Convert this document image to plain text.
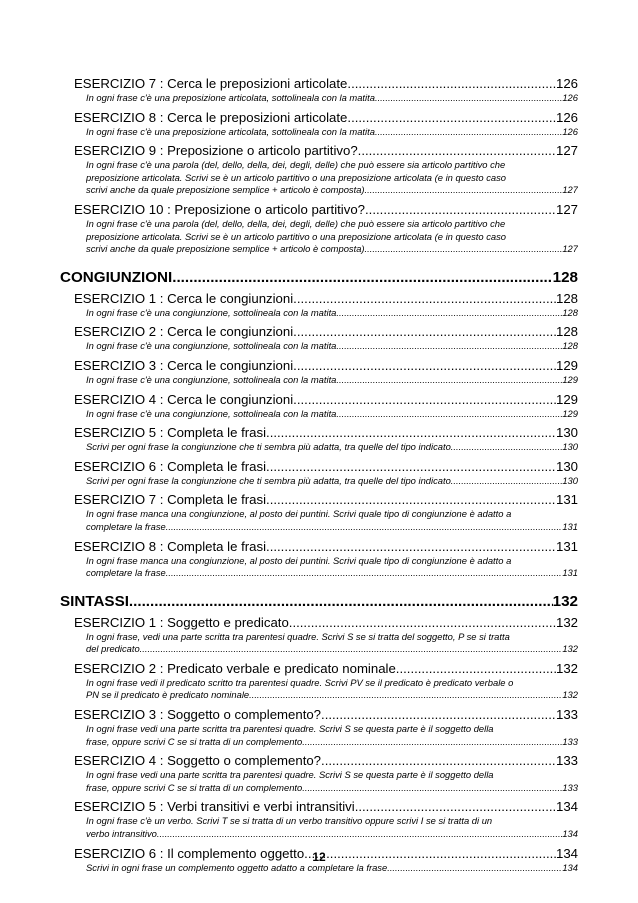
ESERCIZIO 7 : Cerca le preposizioni articolate. .....	126
In ogni frase c'è una preposizione articolata, sottolineala con la matita. .....	126
ESERCIZIO 8 : Cerca le preposizioni articolate. .....	126
In ogni frase c'è una preposizione articolata, sottolineala con la matita. .....	126
ESERCIZIO 9 : Preposizione o articolo partitivo? .....	127
In ogni frase c'è una parola (del, dello, della, dei, degli, delle) che può essere sia articolo partitivo che
preposizione articolata. Scrivi se è un articolo partitivo o una preposizione articolata (e in questo caso
scrivi anche da quale preposizione semplice + articolo è composta). .....	127
ESERCIZIO 10 : Preposizione o articolo partitivo? .....	127
In ogni frase c'è una parola (del, dello, della, dei, degli, delle) che può essere sia articolo partitivo che
preposizione articolata. Scrivi se è un articolo partitivo o una preposizione articolata (e in questo caso
scrivi anche da quale preposizione semplice + articolo è composta). .....	127
CONGIUNZIONI .....	128
ESERCIZIO 1 : Cerca le congiunzioni. .....	128
In ogni frase c'è una congiunzione, sottolineala con la matita. .....	128
ESERCIZIO 2 : Cerca le congiunzioni. .....	128
In ogni frase c'è una congiunzione, sottolineala con la matita. .....	128
ESERCIZIO 3 : Cerca le congiunzioni. .....	129
In ogni frase c'è una congiunzione, sottolineala con la matita. .....	129
ESERCIZIO 4 : Cerca le congiunzioni. .....	129
In ogni frase c'è una congiunzione, sottolineala con la matita. .....	129
ESERCIZIO 5 : Completa le frasi. .....	130
Scrivi per ogni frase la congiunzione che ti sembra più adatta, tra quelle del tipo indicato. .....	130
ESERCIZIO 6 : Completa le frasi. .....	130
Scrivi per ogni frase la congiunzione che ti sembra più adatta, tra quelle del tipo indicato. .....	130
ESERCIZIO 7 : Completa le frasi. .....	131
In ogni frase manca una congiunzione, al posto dei puntini. Scrivi quale tipo di congiunzione è adatto a
completare la frase. .....	131
ESERCIZIO 8 : Completa le frasi. .....	131
In ogni frase manca una congiunzione, al posto dei puntini. Scrivi quale tipo di congiunzione è adatto a
completare la frase. .....	131
SINTASSI .....	132
ESERCIZIO 1 : Soggetto e predicato. .....	132
In ogni frase, vedi una parte scritta tra parentesi quadre. Scrivi S se si tratta del soggetto, P se si tratta
del predicato. .....	132
ESERCIZIO 2 : Predicato verbale e predicato nominale. .....	132
In ogni frase vedi il predicato scritto tra parentesi quadre. Scrivi PV se il predicato è predicato verbale o
PN se il predicato è predicato nominale. .....	132
ESERCIZIO 3 : Soggetto o complemento? .....	133
In ogni frase vedi una parte scritta tra parentesi quadre. Scrivi S se questa parte è il soggetto della
frase, oppure scrivi C se si tratta di un complemento. .....	133
ESERCIZIO 4 : Soggetto o complemento? .....	133
In ogni frase vedi una parte scritta tra parentesi quadre. Scrivi S se questa parte è il soggetto della
frase, oppure scrivi C se si tratta di un complemento. .....	133
ESERCIZIO 5 : Verbi transitivi e verbi intransitivi. .....	134
In ogni frase c'è un verbo. Scrivi T se si tratta di un verbo transitivo oppure scrivi I se si tratta di un
verbo intransitivo. .....	134
ESERCIZIO 6 : Il complemento oggetto. .....	134
Scrivi in ogni frase un complemento oggetto adatto a completare la frase. .....	134
12
